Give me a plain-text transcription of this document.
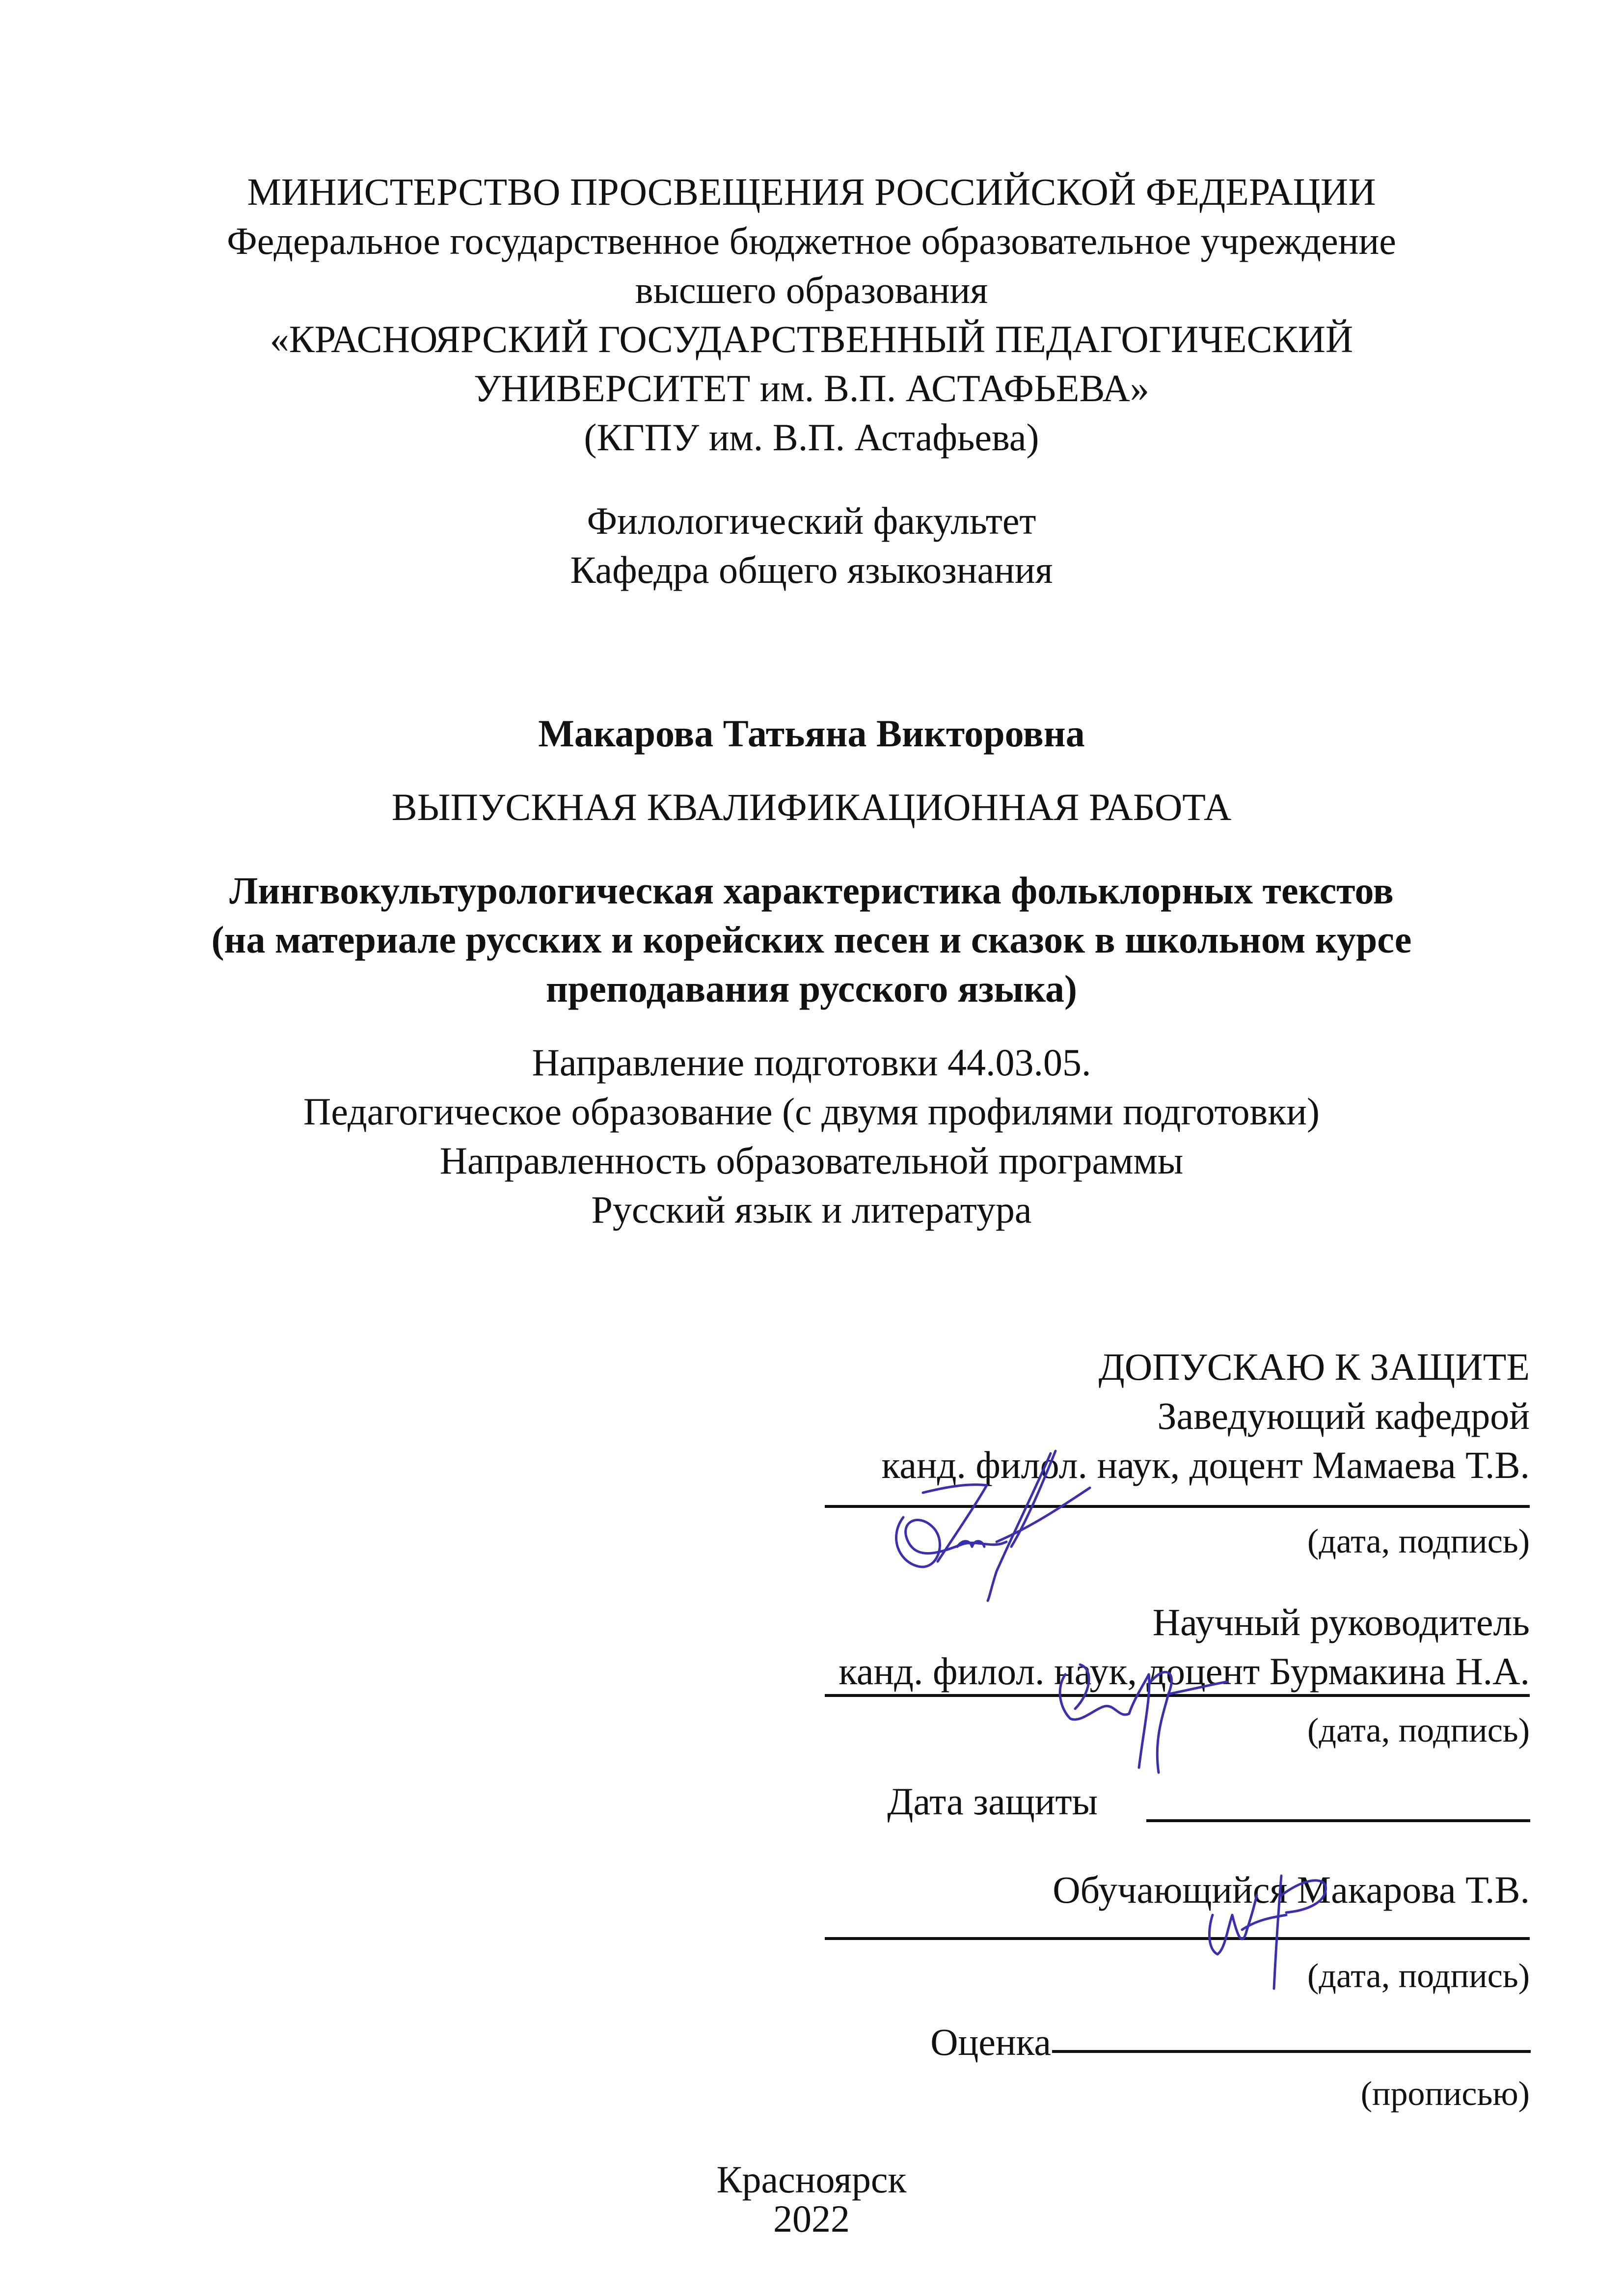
МИНИСТЕРСТВО ПРОСВЕЩЕНИЯ РОССИЙСКОЙ ФЕДЕРАЦИИ
Федеральное государственное бюджетное образовательное учреждение
высшего образования
«КРАСНОЯРСКИЙ ГОСУДАРСТВЕННЫЙ ПЕДАГОГИЧЕСКИЙ
УНИВЕРСИТЕТ им. В.П. АСТАФЬЕВА»
(КГПУ им. В.П. Астафьева)
Филологический факультет
Кафедра общего языкознания
Макарова Татьяна Викторовна
ВЫПУСКНАЯ КВАЛИФИКАЦИОННАЯ РАБОТА
Лингвокультурологическая характеристика фольклорных текстов
(на материале русских и корейских песен и сказок в школьном курсе
преподавания русского языка)
Направление подготовки 44.03.05.
Педагогическое образование (с двумя профилями подготовки)
Направленность образовательной программы
Русский язык и литература
ДОПУСКАЮ К ЗАЩИТЕ
Заведующий кафедрой
канд. филол. наук, доцент Мамаева Т.В.
(дата, подпись)
Научный руководитель
канд. филол. наук, доцент Бурмакина Н.А.
(дата, подпись)
Дата защиты
Обучающийся Макарова Т.В.
(дата, подпись)
Оценка
(прописью)
Красноярск
2022
